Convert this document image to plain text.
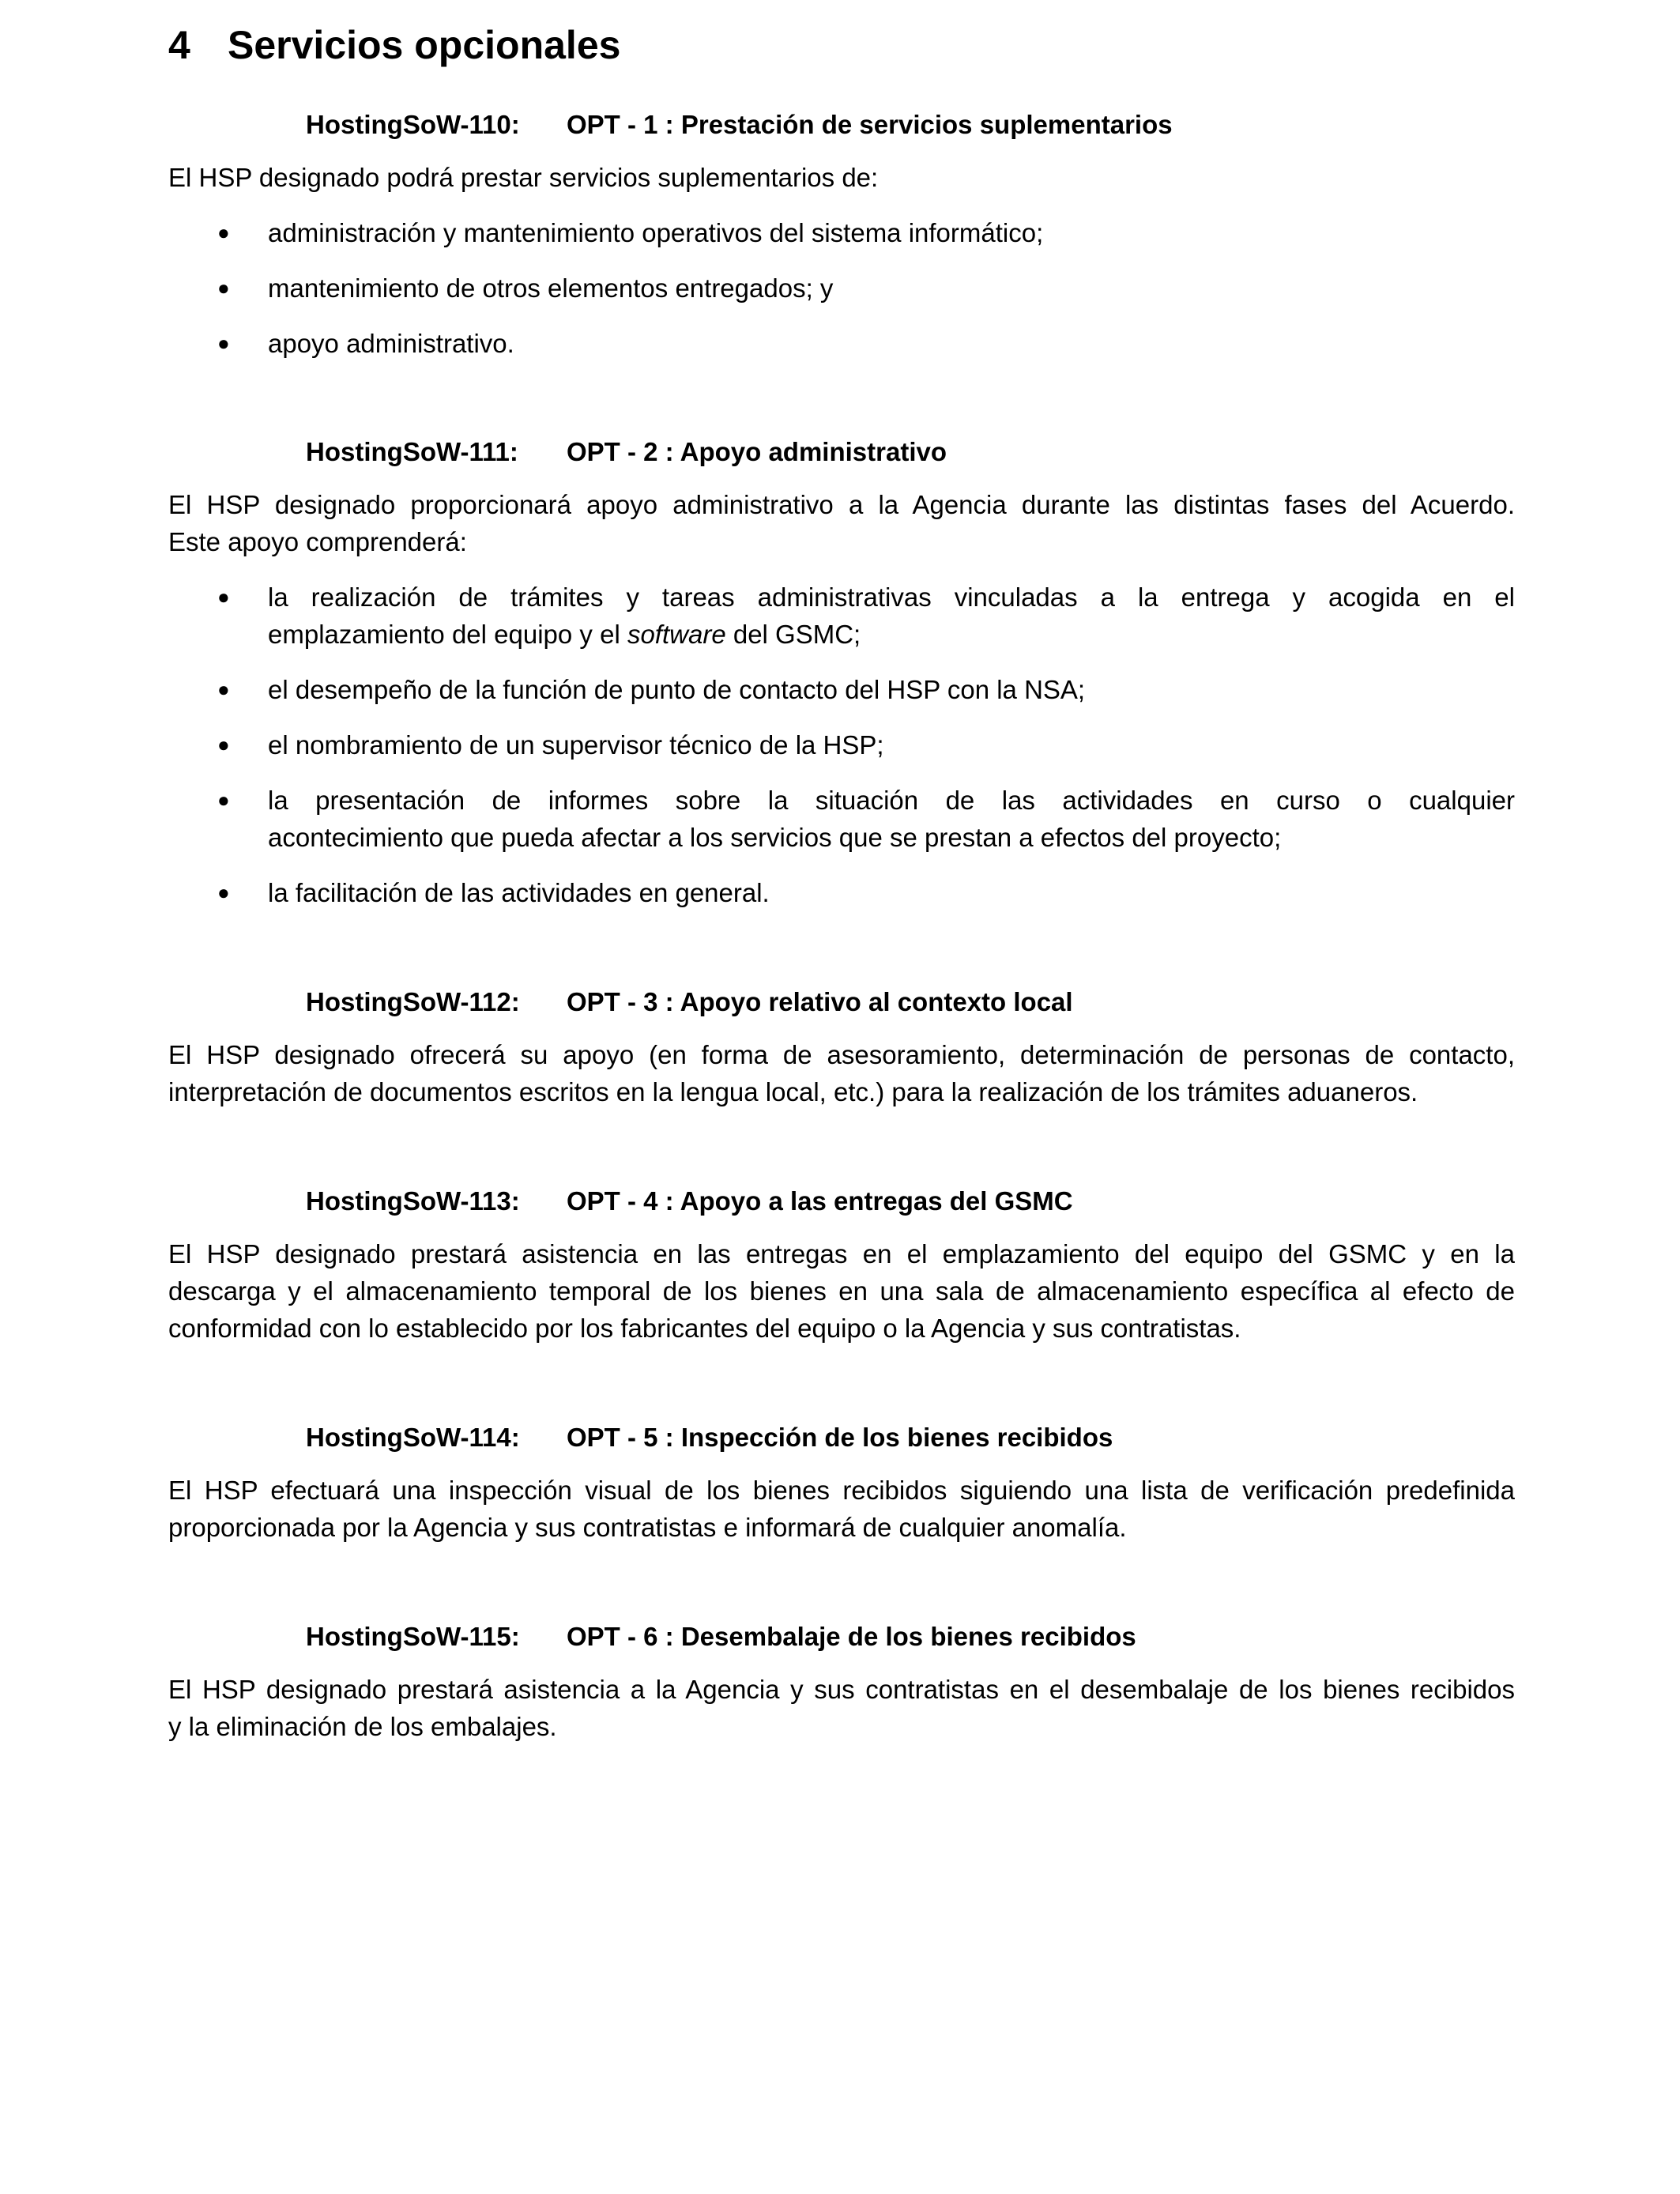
4 Servicios opcionales
HostingSoW-110: OPT - 1 : Prestación de servicios suplementarios

El HSP designado podrá prestar servicios suplementarios de:

● administración y mantenimiento operativos del sistema informático;
● mantenimiento de otros elementos entregados; y
● apoyo administrativo.
HostingSoW-111: OPT - 2 : Apoyo administrativo

El HSP designado proporcionará apoyo administrativo a la Agencia durante las distintas fases del Acuerdo.

Este apoyo comprenderá:

● la realización de trámites y tareas administrativas vinculadas a la entrega y acogida en el
emplazamiento del equipo y el software del GSMC;
● el desempeño de la función de punto de contacto del HSP con la NSA;
● el nombramiento de un supervisor técnico de la HSP;
● la presentación de informes sobre la situación de las actividades en curso o cualquier
acontecimiento que pueda afectar a los servicios que se prestan a efectos del proyecto;
● la facilitación de las actividades en general.
HostingSoW-112: OPT - 3 : Apoyo relativo al contexto local

El HSP designado ofrecerá su apoyo (en forma de asesoramiento, determinación de personas de contacto,

interpretación de documentos escritos en la lengua local, etc.) para la realización de los trámites aduaneros.

HostingSoW-113: OPT - 4 : Apoyo a las entregas del GSMC

El HSP designado prestará asistencia en las entregas en el emplazamiento del equipo del GSMC y en la

descarga y el almacenamiento temporal de los bienes en una sala de almacenamiento específica al efecto de

conformidad con lo establecido por los fabricantes del equipo o la Agencia y sus contratistas.

HostingSoW-114: OPT - 5 : Inspección de los bienes recibidos

El HSP efectuará una inspección visual de los bienes recibidos siguiendo una lista de verificación predefinida

proporcionada por la Agencia y sus contratistas e informará de cualquier anomalía.

HostingSoW-115: OPT - 6 : Desembalaje de los bienes recibidos

El HSP designado prestará asistencia a la Agencia y sus contratistas en el desembalaje de los bienes recibidos

y la eliminación de los embalajes.
